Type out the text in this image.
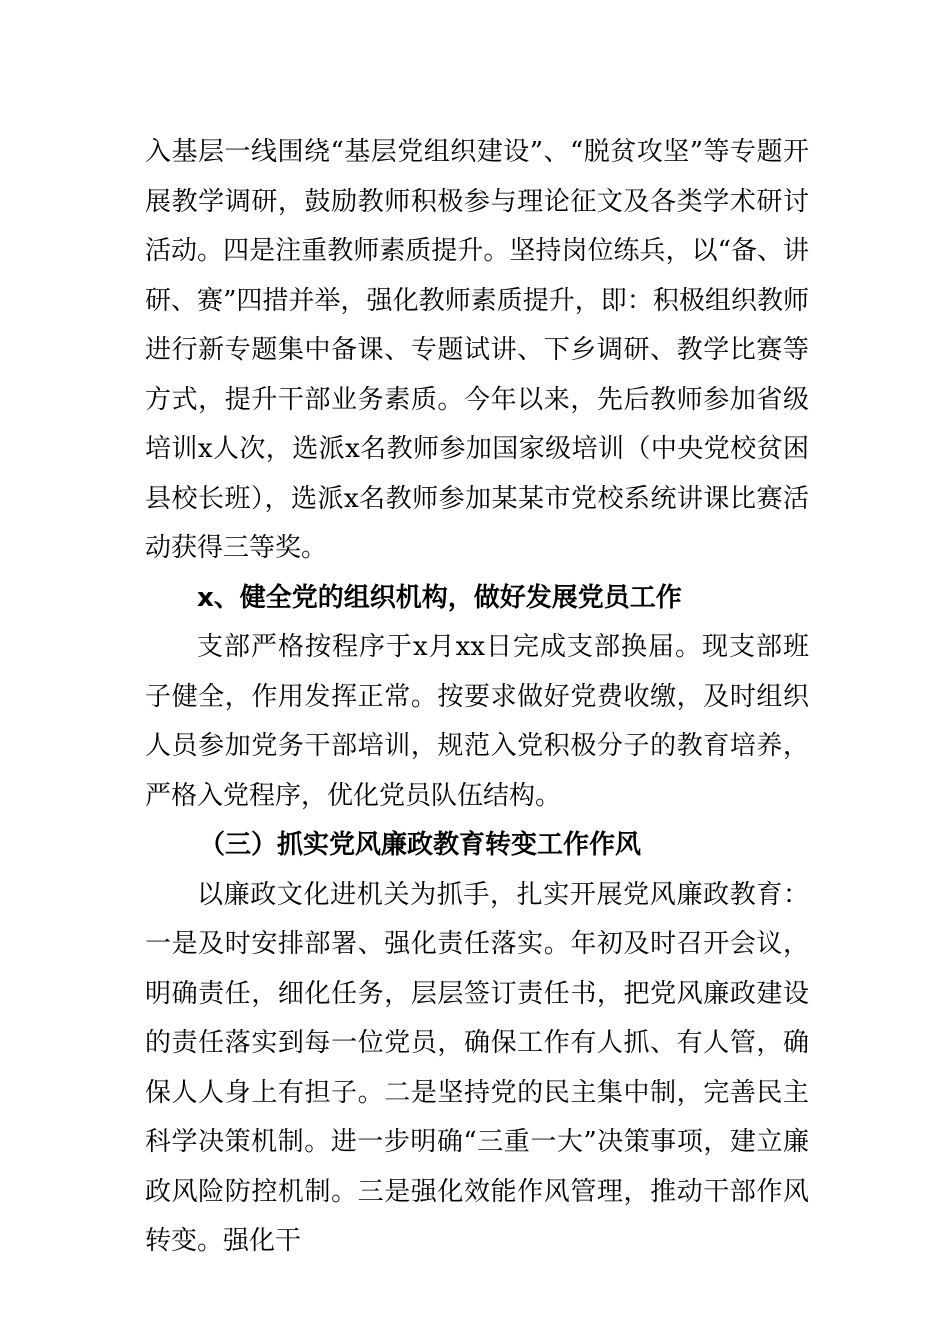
入基层一线围绕“基层党组织建设”、“脱贫攻坚”等专题开展教学调研，鼓励教师积极参与理论征文及各类学术研讨活动。四是注重教师素质提升。坚持岗位练兵，以“备、讲研、赛”四措并举，强化教师素质提升，即：积极组织教师进行新专题集中备课、专题试讲、下乡调研、教学比赛等方式，提升干部业务素质。今年以来，先后教师参加省级培训x人次，选派x名教师参加国家级培训（中央党校贫困县校长班），选派x名教师参加某某市党校系统讲课比赛活动获得三等奖。

x、健全党的组织机构，做好发展党员工作

支部严格按程序于x月xx日完成支部换届。现支部班子健全，作用发挥正常。按要求做好党费收缴，及时组织人员参加党务干部培训，规范入党积极分子的教育培养，严格入党程序，优化党员队伍结构。

（三）抓实党风廉政教育转变工作作风

以廉政文化进机关为抓手，扎实开展党风廉政教育：一是及时安排部署、强化责任落实。年初及时召开会议，明确责任，细化任务，层层签订责任书，把党风廉政建设的责任落实到每一位党员，确保工作有人抓、有人管，确保人人身上有担子。二是坚持党的民主集中制，完善民主科学决策机制。进一步明确“三重一大”决策事项，建立廉政风险防控机制。三是强化效能作风管理，推动干部作风转变。强化干
